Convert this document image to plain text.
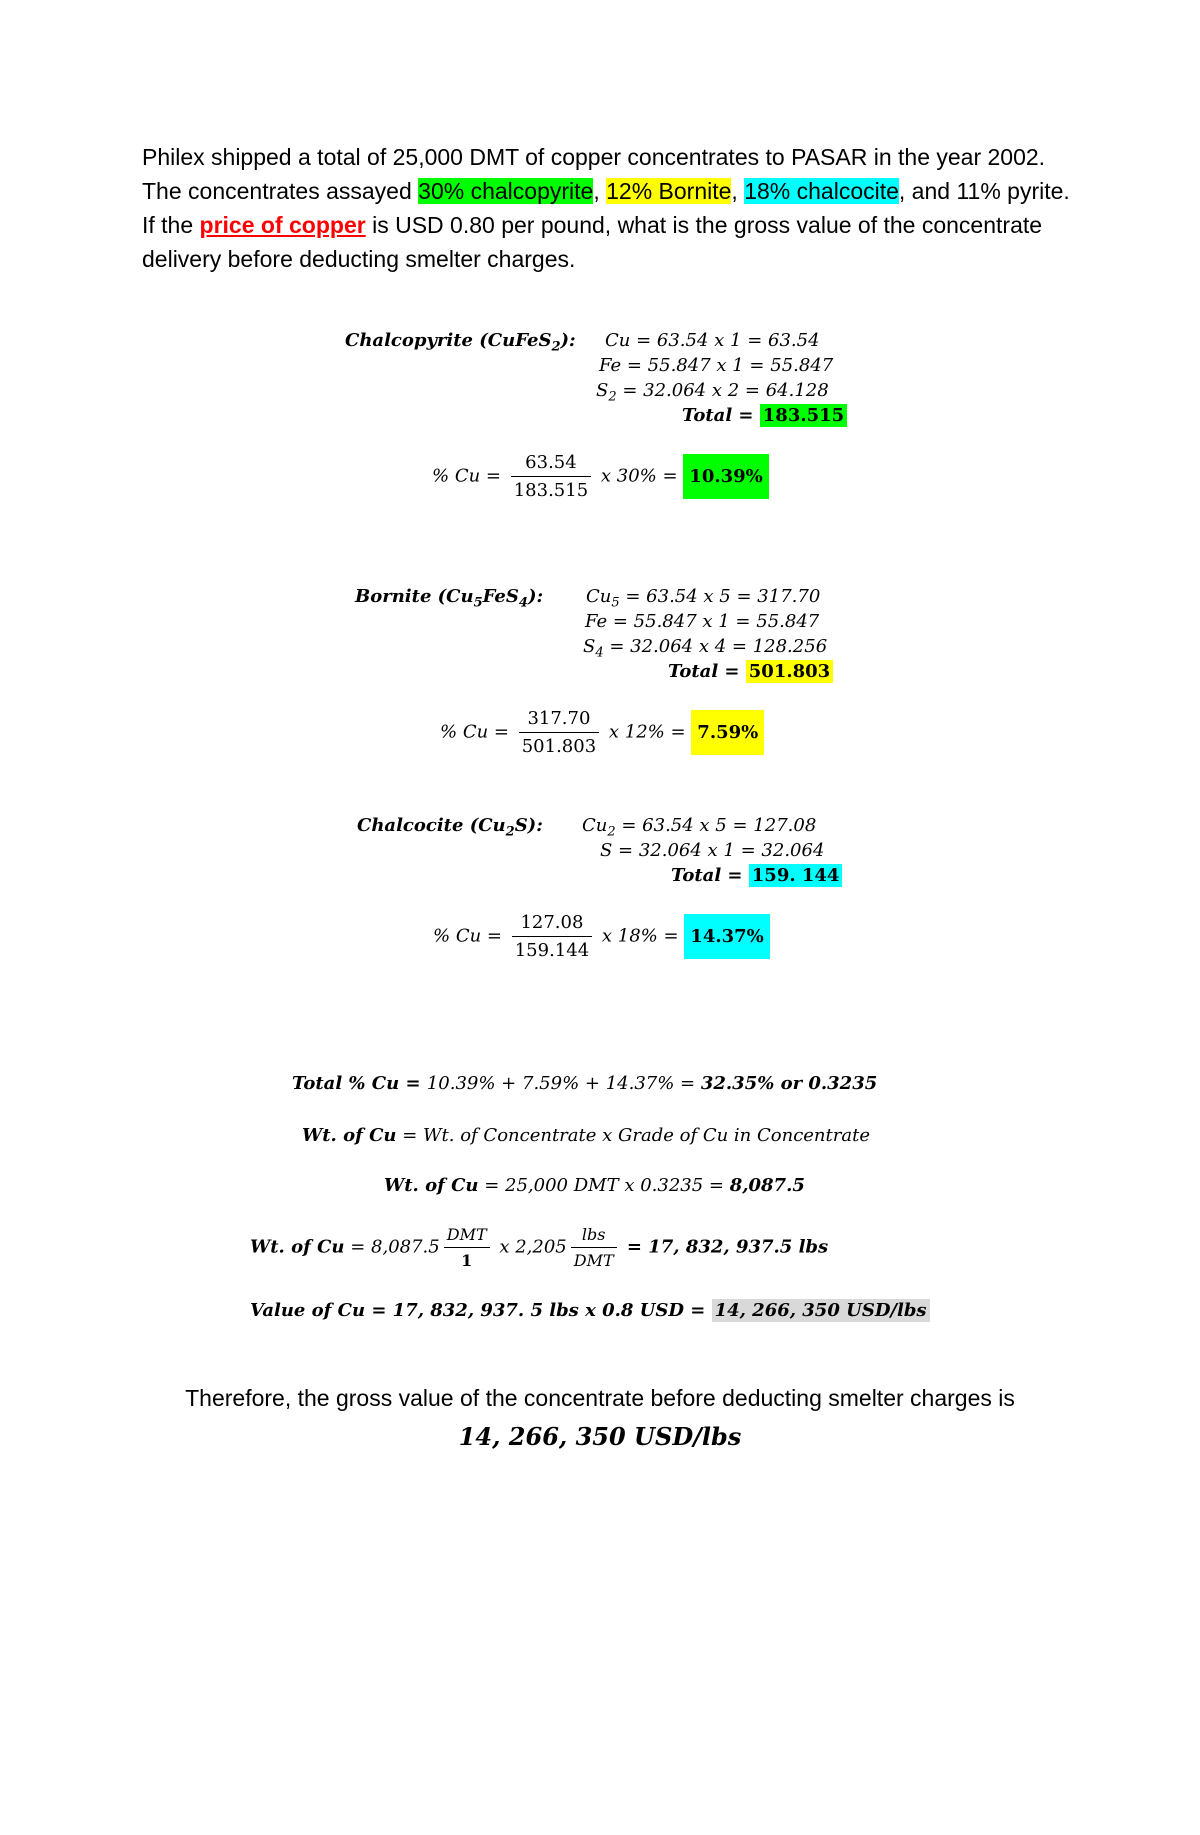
Philex shipped a total of 25,000 DMT of copper concentrates to PASAR in the year 2002. The concentrates assayed 30% chalcopyrite, 12% Bornite, 18% chalcocite, and 11% pyrite. If the price of copper is USD 0.80 per pound, what is the gross value of the concentrate delivery before deducting smelter charges.
Chalcopyrite (CuFeS$_2$): Cu = 63.54 x 1 = 63.54
Fe = 55.847 x 1 = 55.847
$S_2 = 32.064$ x 2 = 64.128
Total = 183.515
% $Cu = \frac{63.54}{183.515}$ x 30% = 10.39%
Bornite $(Cu_5FeS_4)$: $Cu_5 = 63.54$ x 5 = 317.70
Fe = 55.847 x 1 = 55.847
$S_4 = 32.064$ x 4 = 128.256
Total = 501.803
% $Cu = \frac{317.70}{501.803}$ x 12% = 7.59%
Chalcocite $(Cu_2S)$: $Cu_2 = 63.54$ x 5 = 127.08
S = 32.064 x 1 = 32.064
Total = 159. 144
% $Cu = \frac{127.08}{159.144}$ x 18% = 14.37%
Total % Cu = 10.39% + 7.59% + 14.37% = 32.35% or 0.3235
Wt. of Cu = Wt. of Concentrate x Grade of Cu in Concentrate
Wt. of Cu = 25,000 DMT x 0.3235 = 8,087.5
Wt. of $Cu = 8,087.5 \frac{\text{DMT}}{1}$ x $2,205 \frac{\text{lbs}}{\text{DMT}} = 17$, 832, 937.5 lbs
Value of Cu = 17, 832, 937. 5 lbs x 0.8 USD = 14, 266, 350 USD/lbs
Therefore, the gross value of the concentrate before deducting smelter charges is
14, 266, 350 USD/lbs
